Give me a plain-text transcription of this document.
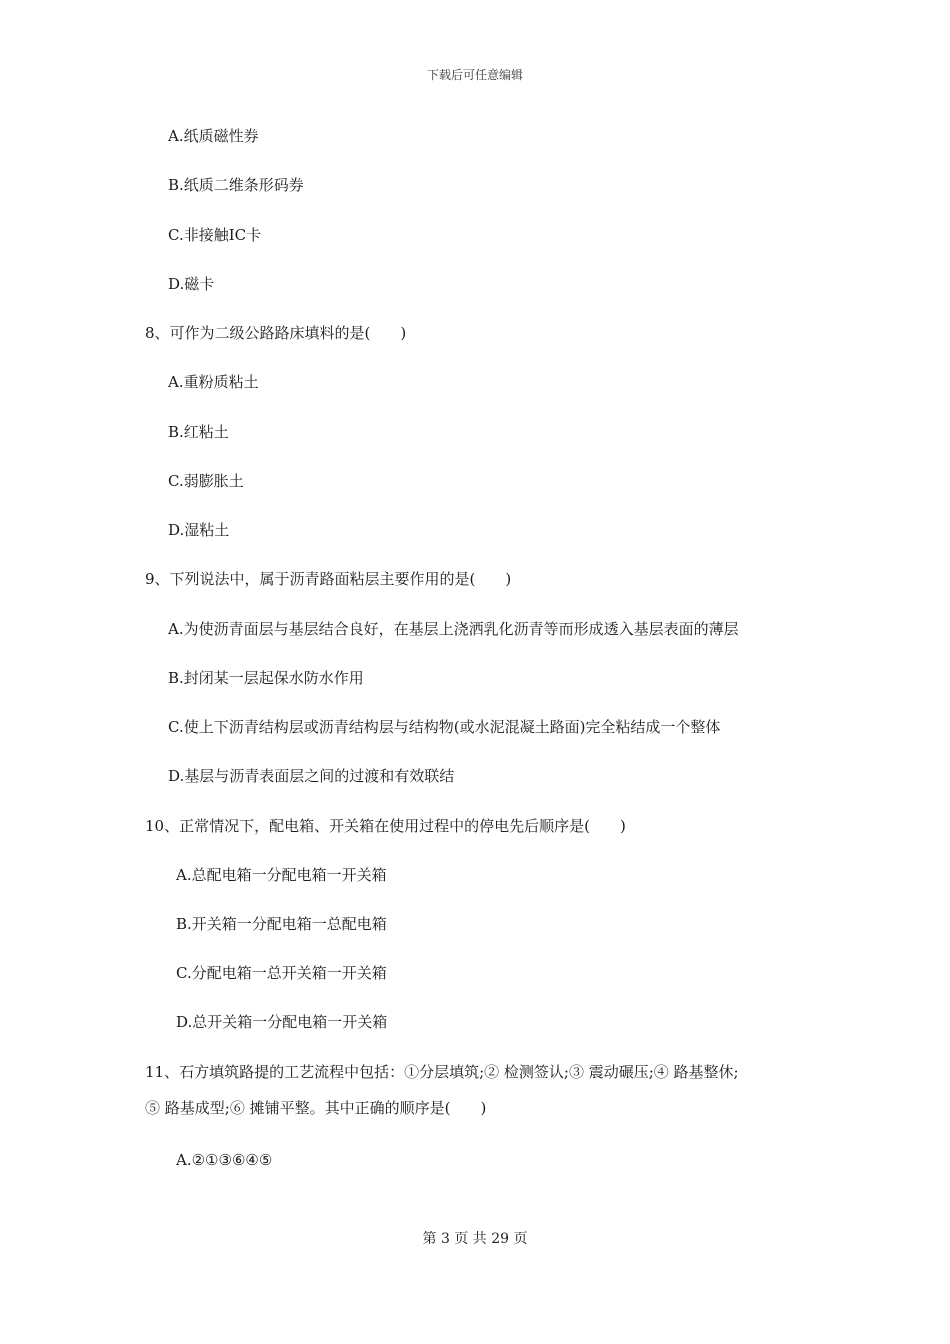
下载后可任意编辑
A.纸质磁性券
B.纸质二维条形码券
C.非接触IC卡
D.磁卡
8、可作为二级公路路床填料的是(　　)
A.重粉质粘土
B.红粘土
C.弱膨胀土
D.湿粘土
9、下列说法中，属于沥青路面粘层主要作用的是(　　)
A.为使沥青面层与基层结合良好，在基层上浇洒乳化沥青等而形成透入基层表面的薄层
B.封闭某一层起保水防水作用
C.使上下沥青结构层或沥青结构层与结构物(或水泥混凝土路面)完全粘结成一个整体
D.基层与沥青表面层之间的过渡和有效联结
10、正常情况下，配电箱、开关箱在使用过程中的停电先后顺序是(　　)
A.总配电箱一分配电箱一开关箱
B.开关箱一分配电箱一总配电箱
C.分配电箱一总开关箱一开关箱
D.总开关箱一分配电箱一开关箱
11、石方填筑路提的工艺流程中包括：①分层填筑;② 检测签认;③ 震动碾压;④ 路基整休;
⑤ 路基成型;⑥ 摊铺平整。其中正确的顺序是(　　)
A.②①③⑥④⑤
第 3 页 共 29 页
